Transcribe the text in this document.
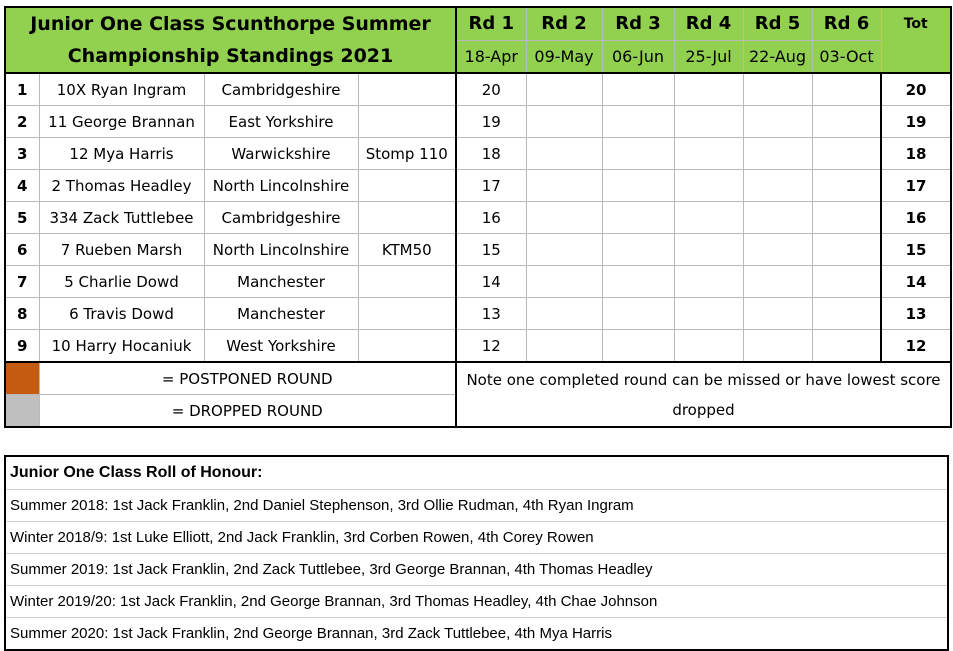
Junior One Class Scunthorpe Summer
Championship Standings 2021				Rd 1	Rd 2	Rd 3	Rd 4	Rd 5	Rd 6	Tot
				18-Apr	09-May	06-Jun	25-Jul	22-Aug	03-Oct	
1	10X Ryan Ingram	Cambridgeshire		20						20
2	11 George Brannan	East Yorkshire		19						19
3	12 Mya Harris	Warwickshire	Stomp 110	18						18
4	2 Thomas Headley	North Lincolnshire		17						17
5	334 Zack Tuttlebee	Cambridgeshire		16						16
6	7 Rueben Marsh	North Lincolnshire	KTM50	15						15
7	5 Charlie Dowd	Manchester		14						14
8	6 Travis Dowd	Manchester		13						13
9	10 Harry Hocaniuk	West Yorkshire		12						12
	= POSTPONED ROUND			Note one completed round can be missed or have lowest score dropped						
	= DROPPED ROUND									
Junior One Class Roll of Honour:
Summer 2018: 1st Jack Franklin, 2nd Daniel Stephenson, 3rd Ollie Rudman, 4th Ryan Ingram
Winter 2018/9: 1st Luke Elliott, 2nd Jack Franklin, 3rd Corben Rowen, 4th Corey Rowen
Summer 2019: 1st Jack Franklin, 2nd Zack Tuttlebee, 3rd George Brannan, 4th Thomas Headley
Winter 2019/20: 1st Jack Franklin, 2nd George Brannan, 3rd Thomas Headley, 4th Chae Johnson
Summer 2020: 1st Jack Franklin, 2nd George Brannan, 3rd Zack Tuttlebee, 4th Mya Harris
